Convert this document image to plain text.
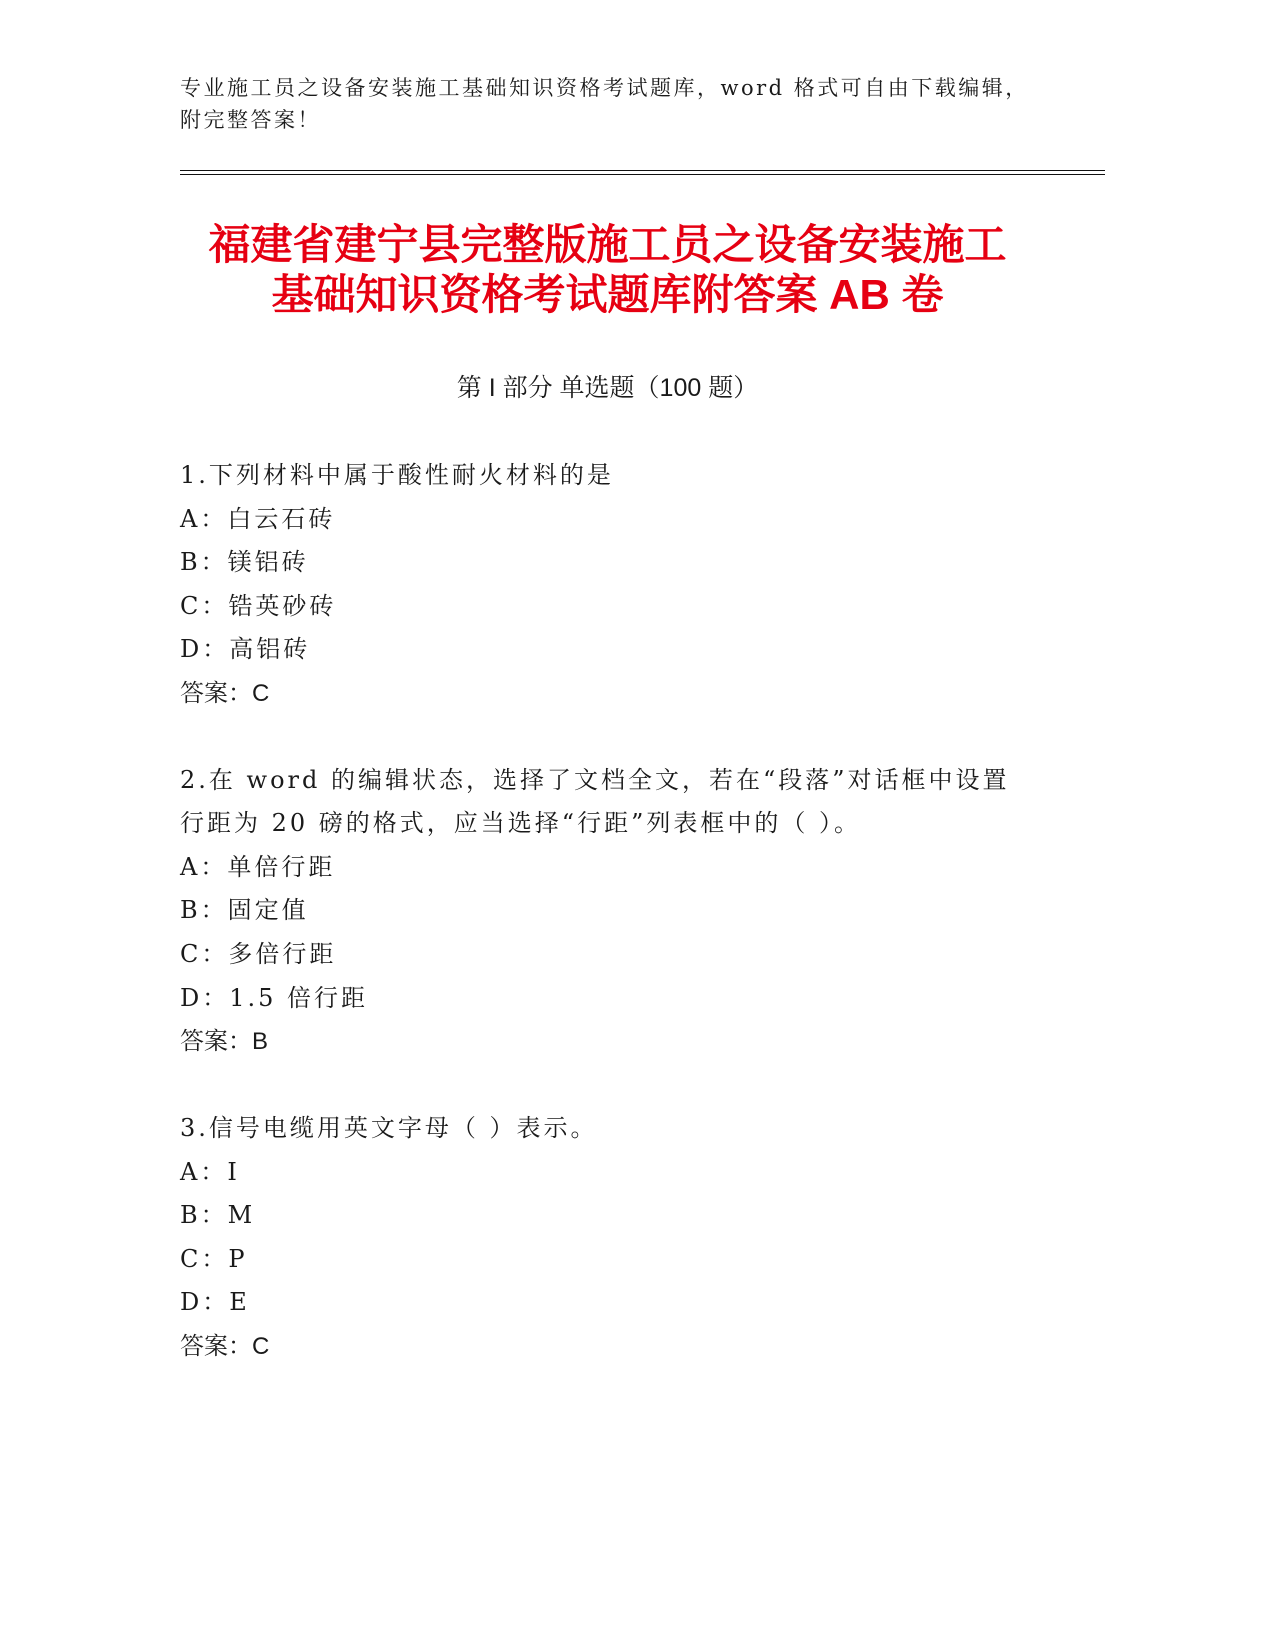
专业施工员之设备安装施工基础知识资格考试题库，word 格式可自由下载编辑，
附完整答案！
福建省建宁县完整版施工员之设备安装施工
基础知识资格考试题库附答案 AB 卷
第 I 部分 单选题（100 题）
1.下列材料中属于酸性耐火材料的是
A：白云石砖
B：镁铝砖
C：锆英砂砖
D：高铝砖
答案：C
2.在 word 的编辑状态，选择了文档全文，若在“段落”对话框中设置
行距为 20 磅的格式，应当选择“行距”列表框中的（ ）。
A：单倍行距
B：固定值
C：多倍行距
D：1.5 倍行距
答案：B
3.信号电缆用英文字母（ ）表示。
A：I
B：M
C：P
D：E
答案：C
